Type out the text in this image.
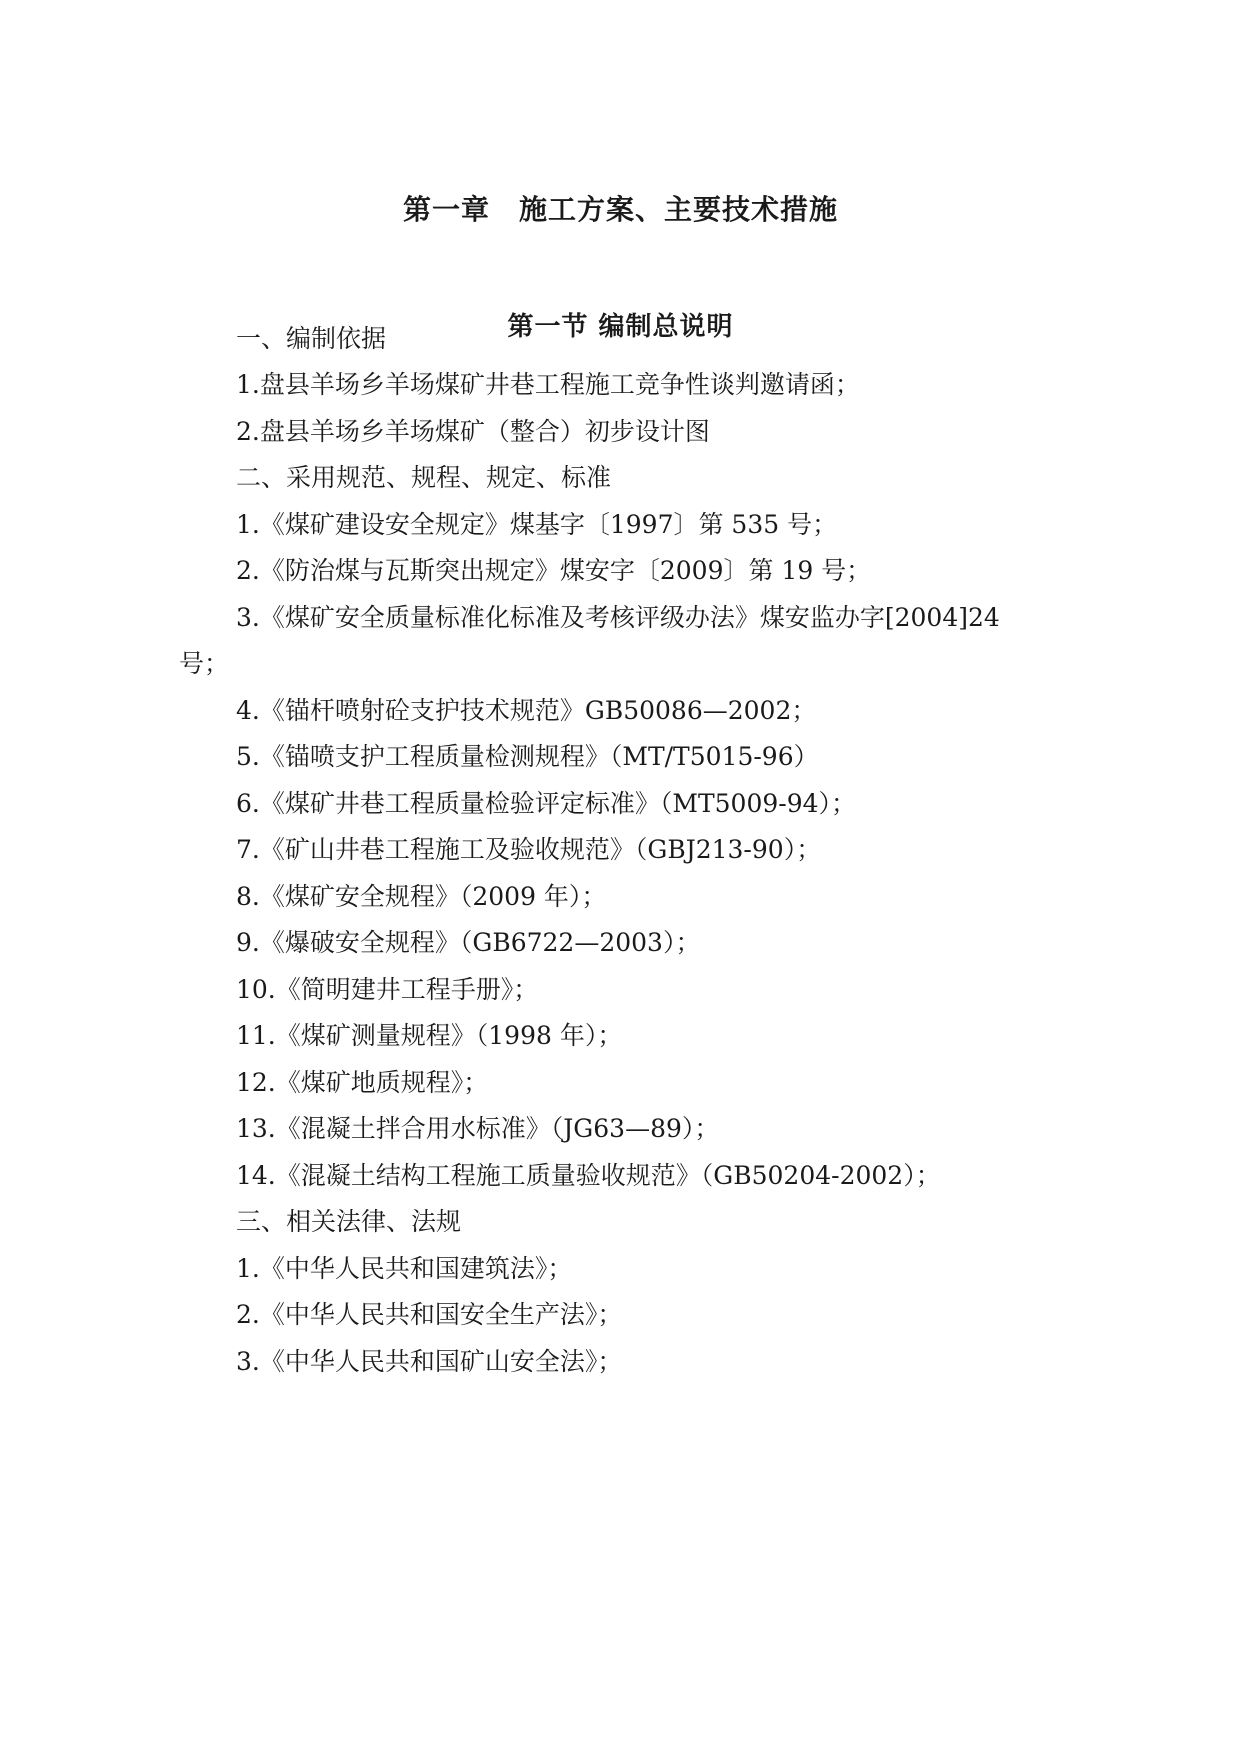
第一章　施工方案、主要技术措施
第一节 编制总说明

一、编制依据

1.盘县羊场乡羊场煤矿井巷工程施工竞争性谈判邀请函；

2.盘县羊场乡羊场煤矿（整合）初步设计图

二、采用规范、规程、规定、标准

1.《煤矿建设安全规定》煤基字〔1997〕第 535 号；

2.《防治煤与瓦斯突出规定》煤安字〔2009〕第 19 号；

3.《煤矿安全质量标准化标准及考核评级办法》煤安监办字[2004]24

号；

4.《锚杆喷射砼支护技术规范》GB50086—2002；

5.《锚喷支护工程质量检测规程》（MT/T5015-96）

6.《煤矿井巷工程质量检验评定标准》（MT5009-94）；

7.《矿山井巷工程施工及验收规范》（GBJ213-90）；

8.《煤矿安全规程》（2009 年）；

9.《爆破安全规程》（GB6722—2003）；

10.《简明建井工程手册》；

11.《煤矿测量规程》（1998 年）；

12.《煤矿地质规程》；

13.《混凝土拌合用水标准》（JG63—89）；

14.《混凝土结构工程施工质量验收规范》（GB50204-2002）；

三、相关法律、法规

1.《中华人民共和国建筑法》；

2.《中华人民共和国安全生产法》；

3.《中华人民共和国矿山安全法》；
